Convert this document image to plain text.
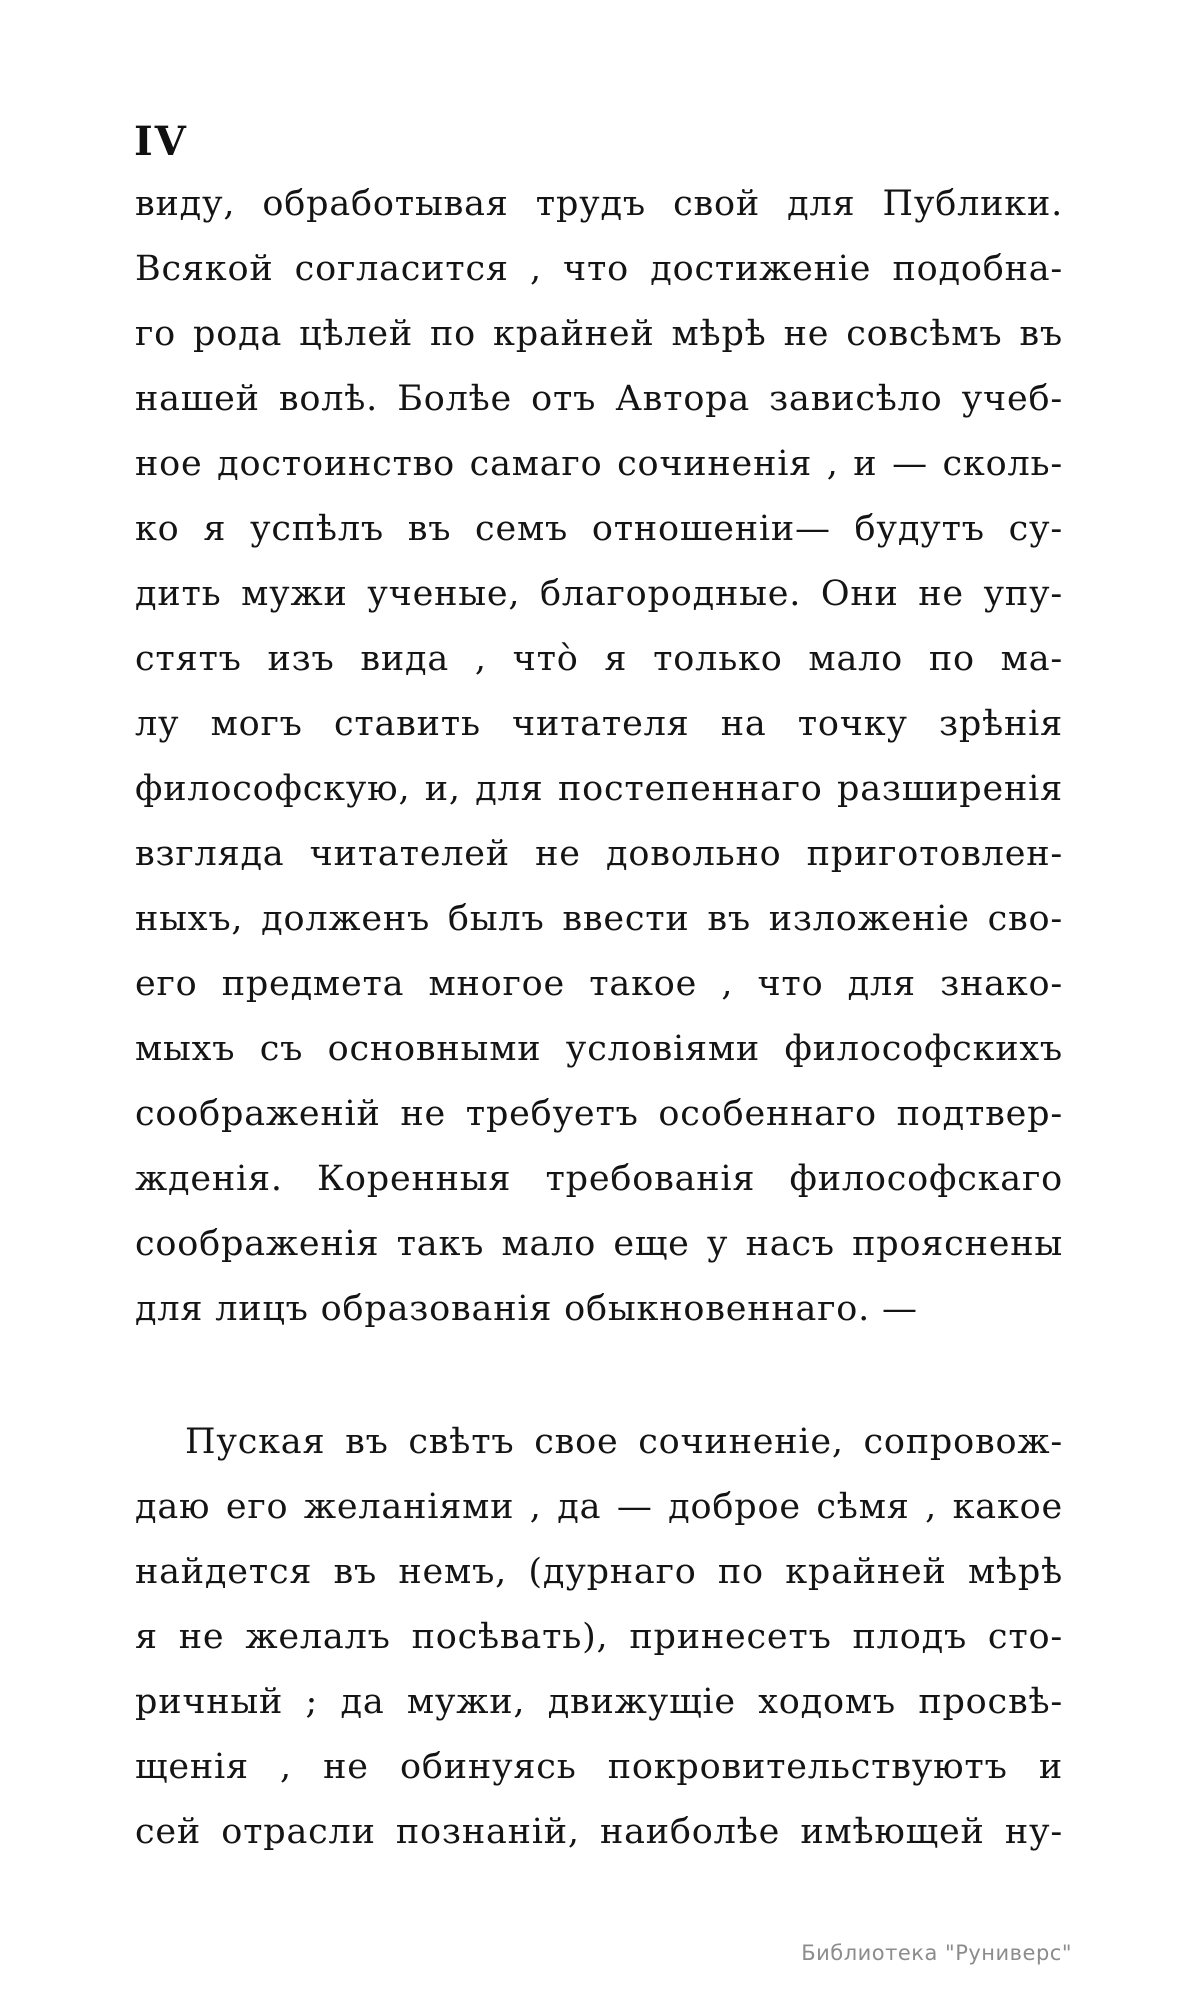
IV
виду, обработывая трудъ свой для Публики.
Всякой согласится , что достиженіе подобна-
го рода цѣлей по крайней мѣрѣ не совсѣмъ въ
нашей волѣ. Болѣе отъ Автора зависѣло учеб-
ное достоинство самаго сочиненія , и — сколь-
ко я успѣлъ въ семъ отношеніи— будутъ су-
дить мужи ученые, благородные. Они не упу-
стятъ изъ вида , что̀ я только мало по ма-
лу могъ ставить читателя на точку зрѣнія
философскую, и, для постепеннаго разширенія
взгляда читателей не довольно приготовлен-
ныхъ, долженъ былъ ввести въ изложеніе сво-
его предмета многое такое , что для знако-
мыхъ съ основными условіями философскихъ
соображеній не требуетъ особеннаго подтвер-
жденія. Коренныя требованія философскаго
соображенія такъ мало еще у насъ прояснены
для лицъ образованія обыкновеннаго. —
Пуская въ свѣтъ свое сочиненіе, сопровож-
даю его желаніями , да — доброе сѣмя , какое
найдется въ немъ, (дурнаго по крайней мѣрѣ
я не желалъ посѣвать), принесетъ плодъ сто-
ричный ; да мужи, движущіе ходомъ просвѣ-
щенія , не обинуясь покровительствуютъ и
сей отрасли познаній, наиболѣе имѣющей ну-
Библиотека "Руниверс"
